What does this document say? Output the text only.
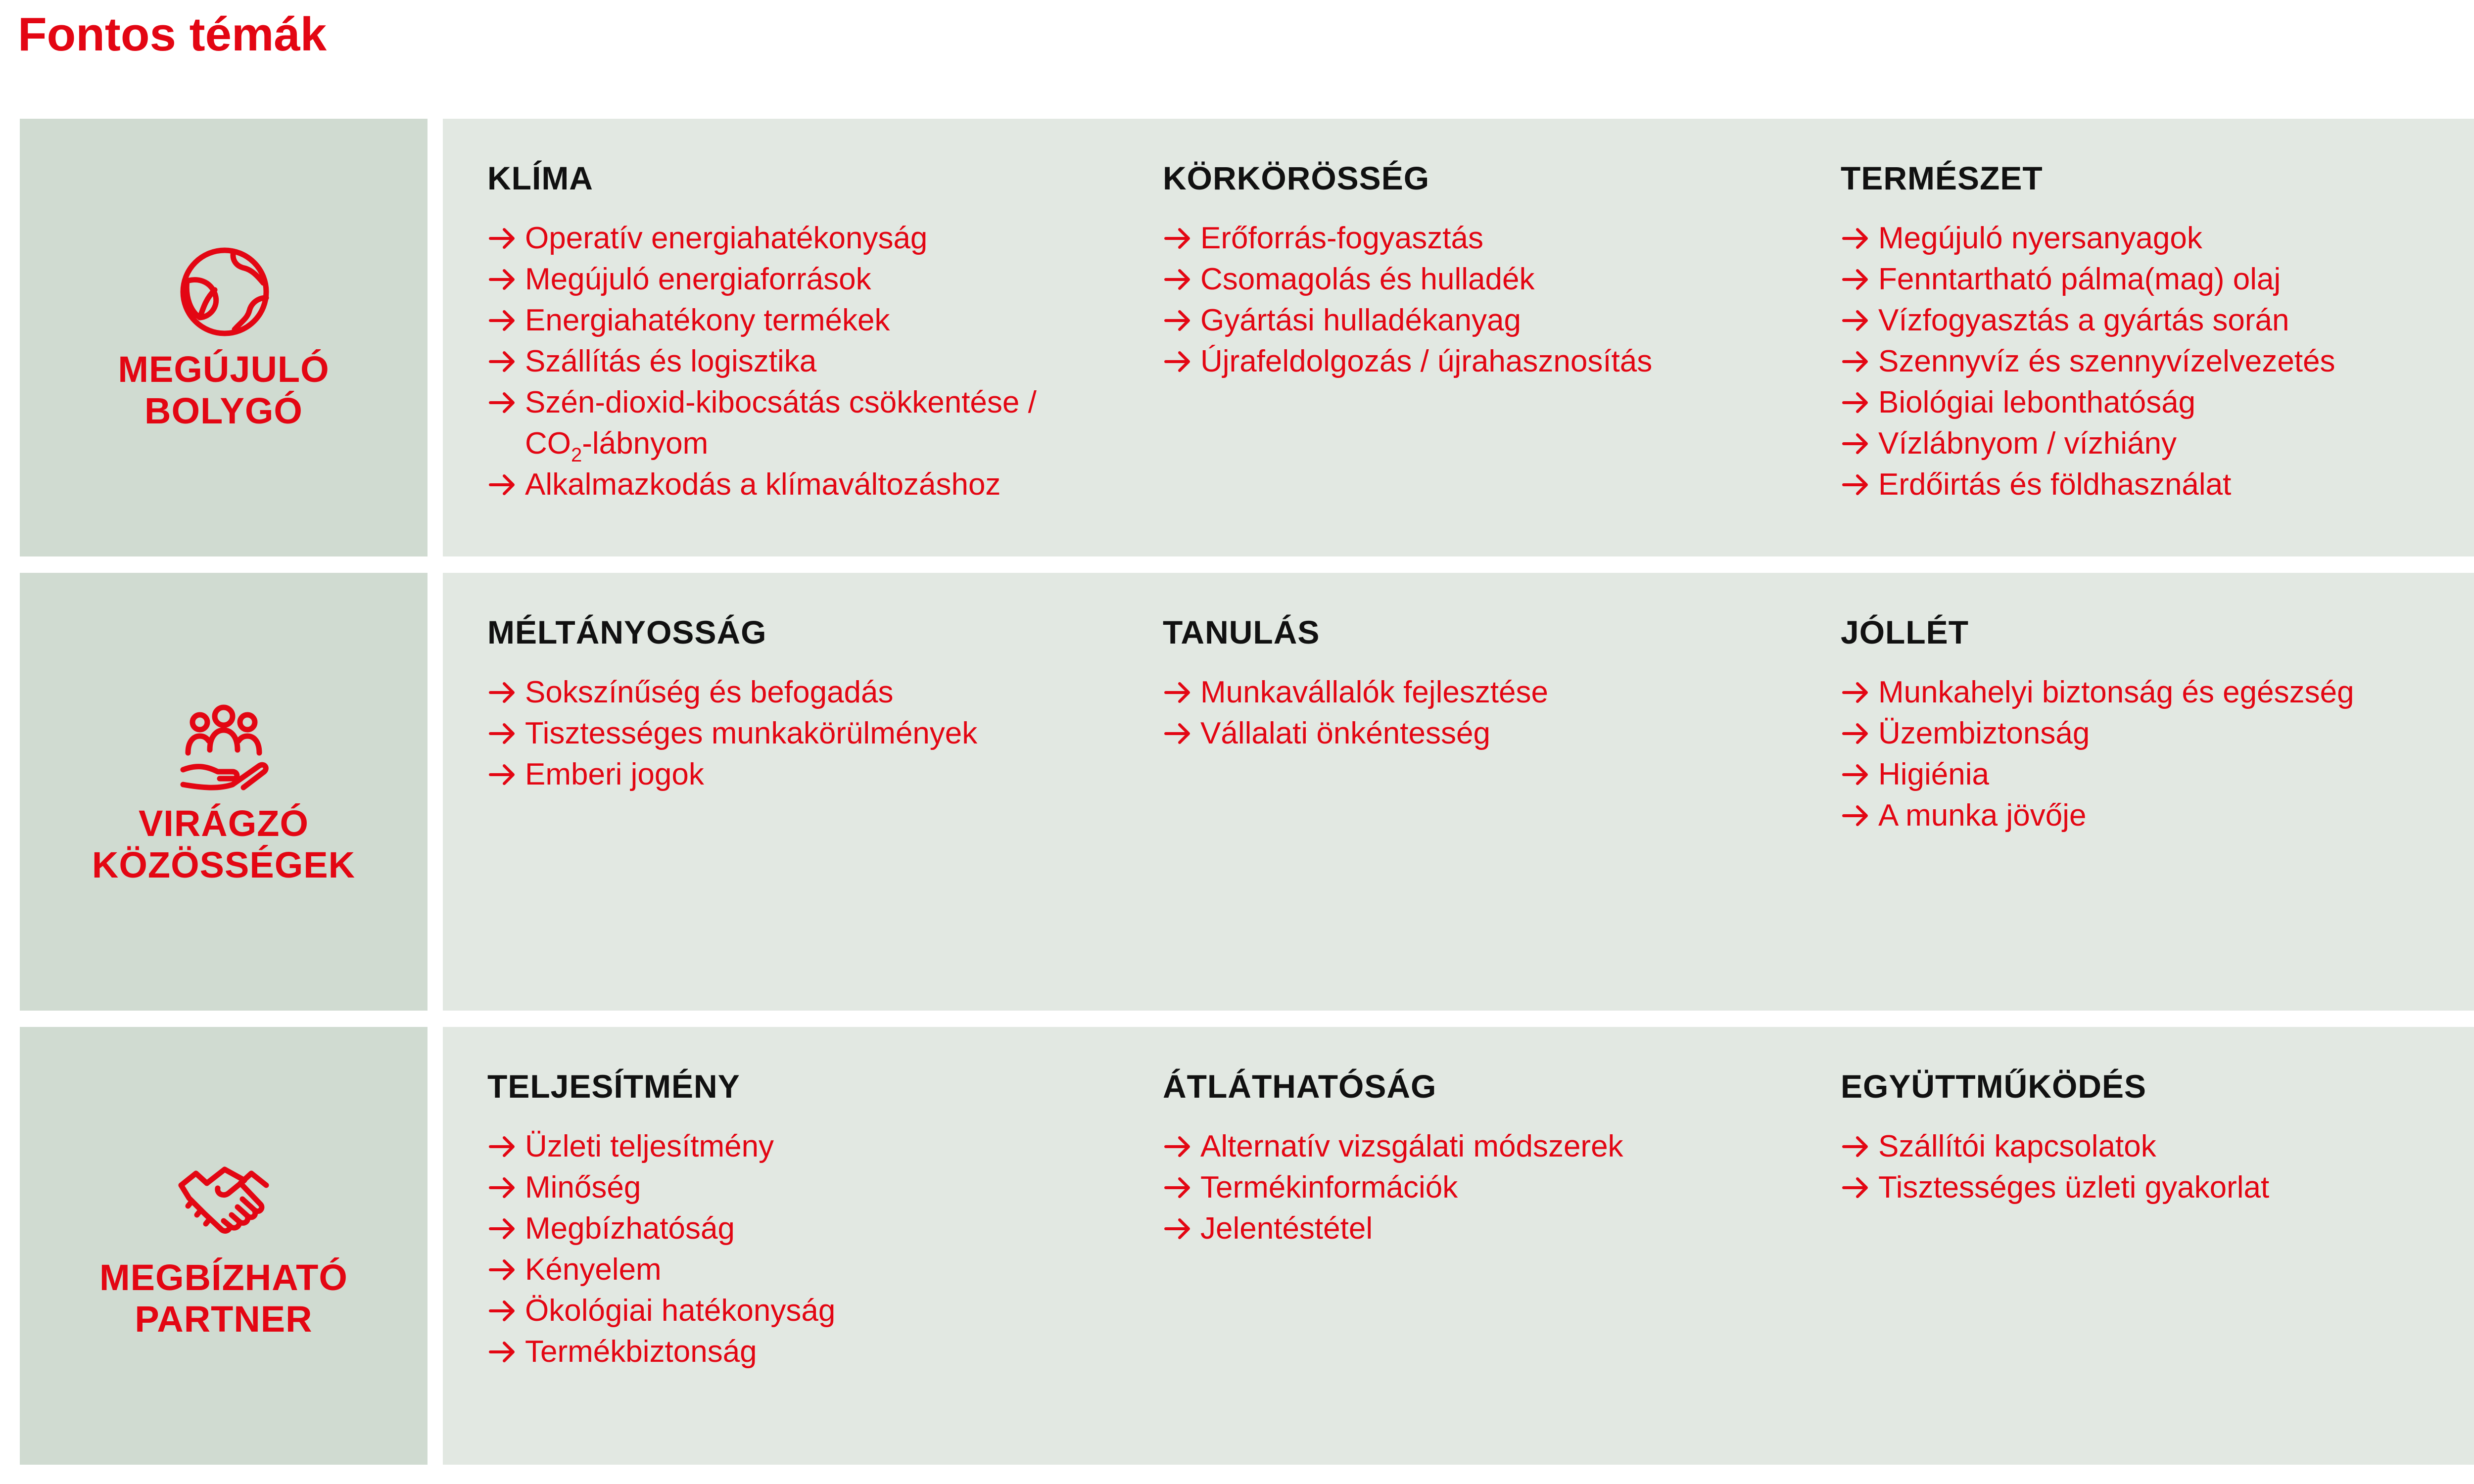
Fontos témák
MEGÚJULÓ
BOLYGÓ
KLÍMA
Operatív energiahatékonyság
Megújuló energiaforrások
Energiahatékony termékek
Szállítás és logisztika
Szén-dioxid-kibocsátás csökkentése /
$CO_2$-lábnyom
Alkalmazkodás a klímaváltozáshoz
KÖRKÖRÖSSÉG
Erőforrás-fogyasztás
Csomagolás és hulladék
Gyártási hulladékanyag
Újrafeldolgozás / újrahasznosítás
TERMÉSZET
Megújuló nyersanyagok
Fenntartható pálma(mag) olaj
Vízfogyasztás a gyártás során
Szennyvíz és szennyvízelvezetés
Biológiai lebonthatóság
Vízlábnyom / vízhiány
Erdőirtás és földhasználat
VIRÁGZÓ
KÖZÖSSÉGEK
MÉLTÁNYOSSÁG
Sokszínűség és befogadás
Tisztességes munkakörülmények
Emberi jogok
TANULÁS
Munkavállalók fejlesztése
Vállalati önkéntesség
JÓLLÉT
Munkahelyi biztonság és egészség
Üzembiztonság
Higiénia
A munka jövője
MEGBÍZHATÓ
PARTNER
TELJESÍTMÉNY
Üzleti teljesítmény
Minőség
Megbízhatóság
Kényelem
Ökológiai hatékonyság
Termékbiztonság
ÁTLÁTHATÓSÁG
Alternatív vizsgálati módszerek
Termékinformációk
Jelentéstétel
EGYÜTTMŰKÖDÉS
Szállítói kapcsolatok
Tisztességes üzleti gyakorlat
